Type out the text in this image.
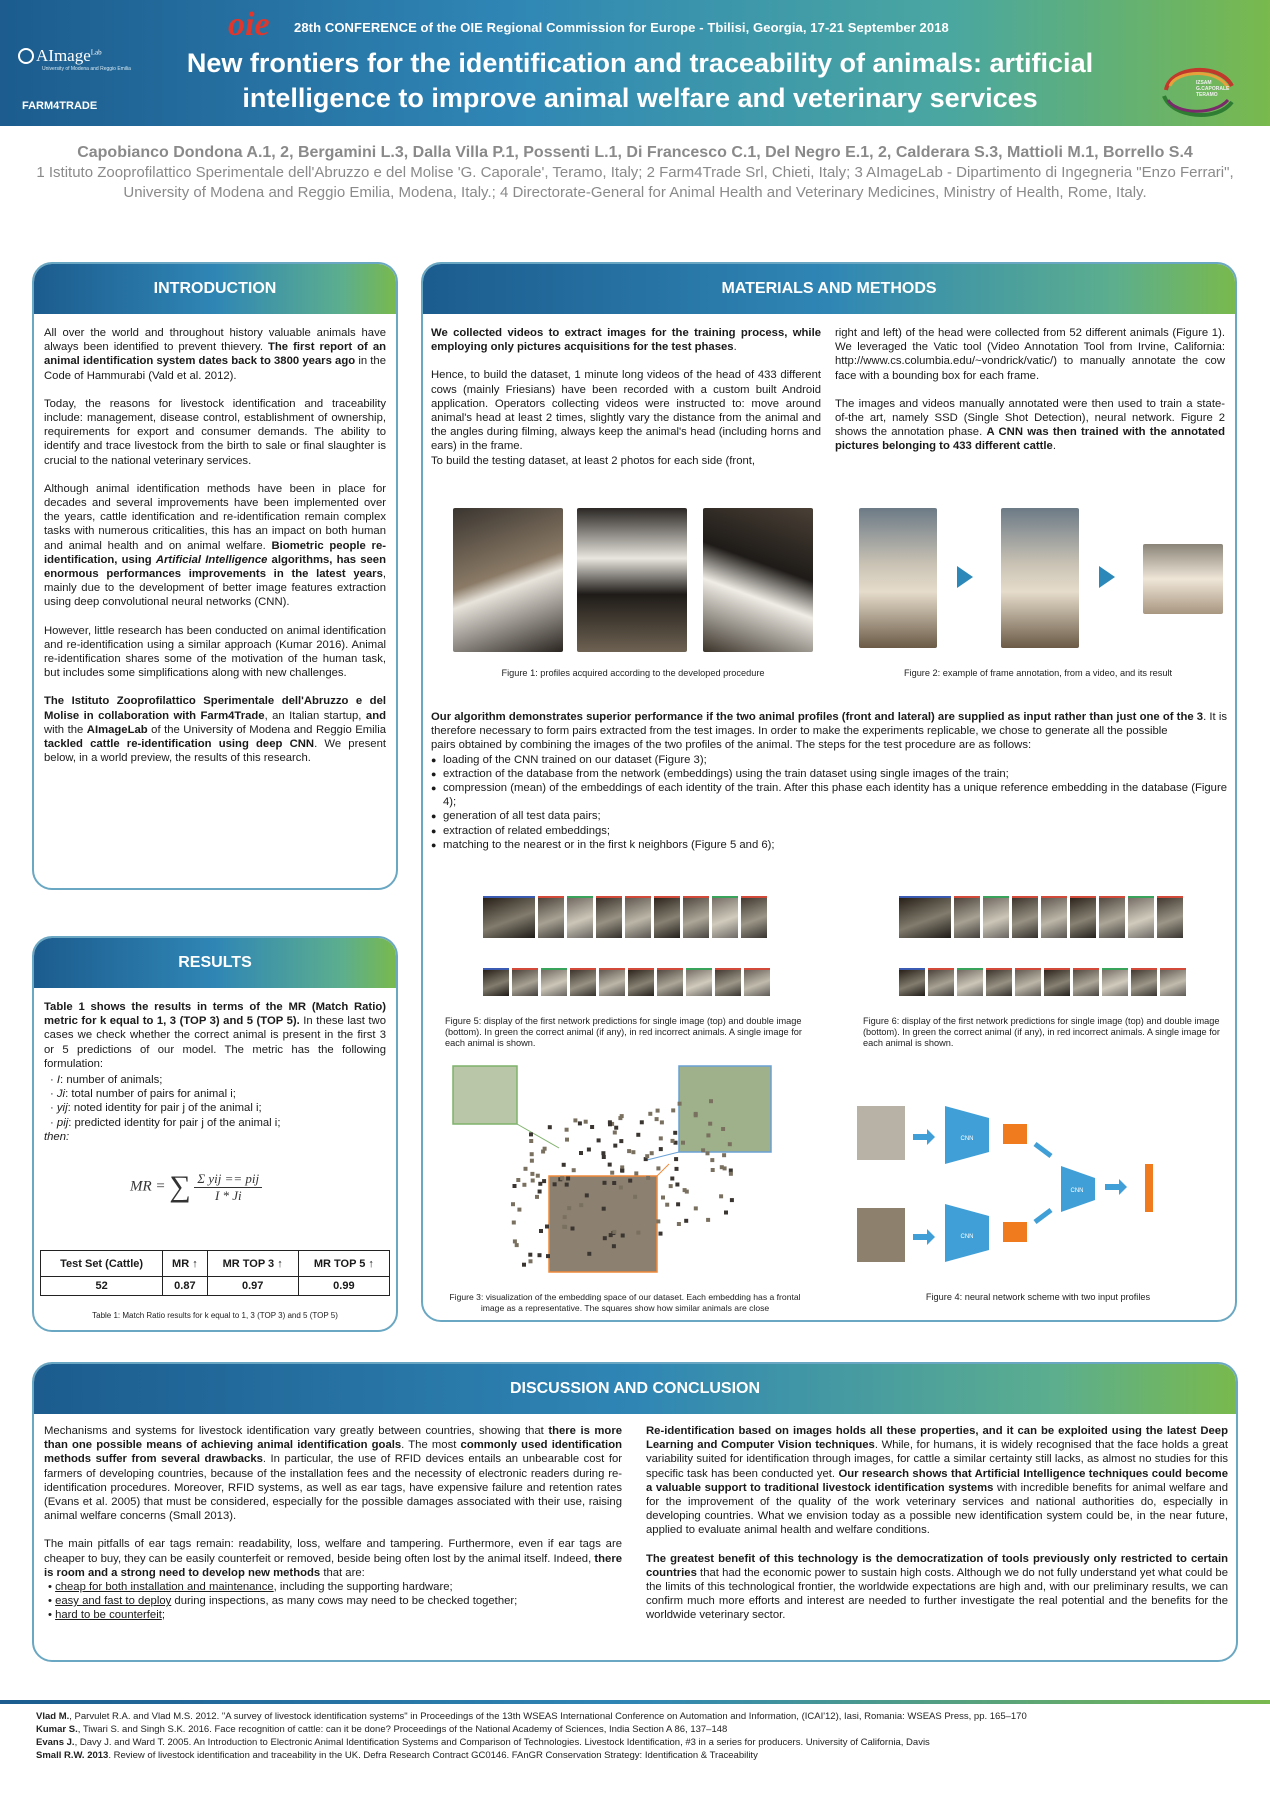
oie 28th CONFERENCE of the OIE Regional Commission for Europe - Tbilisi, Georgia, 17-21 September 2018
AImage$^{Lab}$
University of Modena and Reggio Emilia
FARM4TRADE
New frontiers for the identification and traceability of animals: artificial
intelligence to improve animal welfare and veterinary services	IZSAM G.CAPORALE TERAMO
Capobianco Dondona A.1, 2, Bergamini L.3, Dalla Villa P.1, Possenti L.1, Di Francesco C.1, Del Negro E.1, 2, Calderara S.3, Mattioli M.1, Borrello S.4
1 Istituto Zooprofilattico Sperimentale dell'Abruzzo e del Molise 'G. Caporale', Teramo, Italy; 2 Farm4Trade Srl, Chieti, Italy; 3 AImageLab - Dipartimento di Ingegneria "Enzo Ferrari", University of Modena and Reggio Emilia, Modena, Italy.; 4 Directorate-General for Animal Health and Veterinary Medicines, Ministry of Health, Rome, Italy.
INTRODUCTION

All over the world and throughout history valuable animals have always been identified to prevent thievery. The first report of an animal identification system dates back to 3800 years ago in the Code of Hammurabi (Vald et al. 2012).

Today, the reasons for livestock identification and traceability include: management, disease control, establishment of ownership, requirements for export and consumer demands. The ability to identify and trace livestock from the birth to sale or final slaughter is crucial to the national veterinary services.

Although animal identification methods have been in place for decades and several improvements have been implemented over the years, cattle identification and re-identification remain complex tasks with numerous criticalities, this has an impact on both human and animal health and on animal welfare. Biometric people re-identification, using Artificial Intelligence algorithms, has seen enormous performances improvements in the latest years, mainly due to the development of better image features extraction using deep convolutional neural networks (CNN).

However, little research has been conducted on animal identification and re-identification using a similar approach (Kumar 2016). Animal re-identification shares some of the motivation of the human task, but includes some simplifications along with new challenges.

The Istituto Zooprofilattico Sperimentale dell'Abruzzo e del Molise in collaboration with Farm4Trade, an Italian startup, and with the AImageLab of the University of Modena and Reggio Emilia tackled cattle re-identification using deep CNN. We present below, in a world preview, the results of this research.

RESULTS
Table 1 shows the results in terms of the MR (Match Ratio) metric for k equal to 1, 3 (TOP 3) and 5 (TOP 5). In these last two cases we check whether the correct animal is present in the first 3 or 5 predictions of our model. The metric has the following formulation:
· I: number of animals;
· Ji: total number of pairs for animal i;
· yij: noted identity for pair j of the animal i;
· pij: predicted identity for pair j of the animal i;
then:
MR = ∑ $\frac{\text{Σ yij == pij}}{I * Ji}$
Test Set (Cattle)	MR ↑	MR TOP 3 ↑	MR TOP 5 ↑
52	0.87	0.97	0.99
Table 1: Match Ratio results for k equal to 1, 3 (TOP 3) and 5 (TOP 5)
MATERIALS AND METHODS

We collected videos to extract images for the training process, while employing only pictures acquisitions for the test phases.

Hence, to build the dataset, 1 minute long videos of the head of 433 different cows (mainly Friesians) have been recorded with a custom built Android application. Operators collecting videos were instructed to: move around animal's head at least 2 times, slightly vary the distance from the animal and the angles during filming, always keep the animal's head (including horns and ears) in the frame.
To build the testing dataset, at least 2 photos for each side (front,

right and left) of the head were collected from 52 different animals (Figure 1). We leveraged the Vatic tool (Video Annotation Tool from Irvine, California: http://www.cs.columbia.edu/~vondrick/vatic/) to manually annotate the cow face with a bounding box for each frame.

The images and videos manually annotated were then used to train a state-of-the art, namely SSD (Single Shot Detection), neural network. Figure 2 shows the annotation phase. A CNN was then trained with the annotated pictures belonging to 433 different cattle.

Figure 1: profiles acquired according to the developed procedure	Figure 2: example of frame annotation, from a video, and its result
Our algorithm demonstrates superior performance if the two animal profiles (front and lateral) are supplied as input rather than just one of the 3. It is therefore necessary to form pairs extracted from the test images. In order to make the experiments replicable, we chose to generate all the possible
pairs obtained by combining the images of the two profiles of the animal. The steps for the test procedure are as follows:
● loading of the CNN trained on our dataset (Figure 3);
● extraction of the database from the network (embeddings) using the train dataset using single images of the train;
● compression (mean) of the embeddings of each identity of the train. After this phase each identity has a unique reference embedding in the database (Figure 4);
● generation of all test data pairs;
● extraction of related embeddings;
● matching to the nearest or in the first k neighbors (Figure 5 and 6);
Figure 5: display of the first network predictions for single image (top) and double image (bottom). In green the correct animal (if any), in red incorrect animals. A single image for each animal is shown.
Figure 6: display of the first network predictions for single image (top) and double image (bottom). In green the correct animal (if any), in red incorrect animals. A single image for each animal is shown.
Figure 3: visualization of the embedding space of our dataset. Each embedding has a frontal image as a representative. The squares show how similar animals are close
CNN
CNN
CNN
Figure 4: neural network scheme with two input profiles
DISCUSSION AND CONCLUSION

Mechanisms and systems for livestock identification vary greatly between countries, showing that there is more than one possible means of achieving animal identification goals. The most commonly used identification methods suffer from several drawbacks. In particular, the use of RFID devices entails an unbearable cost for farmers of developing countries, because of the installation fees and the necessity of electronic readers during re-identification procedures. Moreover, RFID systems, as well as ear tags, have expensive failure and retention rates (Evans et al. 2005) that must be considered, especially for the possible damages associated with their use, raising animal welfare concerns (Small 2013).

The main pitfalls of ear tags remain: readability, loss, welfare and tampering. Furthermore, even if ear tags are cheaper to buy, they can be easily counterfeit or removed, beside being often lost by the animal itself. Indeed, there is room and a strong need to develop new methods that are:
• cheap for both installation and maintenance, including the supporting hardware;
• easy and fast to deploy during inspections, as many cows may need to be checked together;
• hard to be counterfeit;

Re-identification based on images holds all these properties, and it can be exploited using the latest Deep Learning and Computer Vision techniques. While, for humans, it is widely recognised that the face holds a great variability suited for identification through images, for cattle a similar certainty still lacks, as almost no studies for this specific task has been conducted yet. Our research shows that Artificial Intelligence techniques could become a valuable support to traditional livestock identification systems with incredible benefits for animal welfare and for the improvement of the quality of the work veterinary services and national authorities do, especially in developing countries. What we envision today as a possible new identification system could be, in the near future, applied to evaluate animal health and welfare conditions.

The greatest benefit of this technology is the democratization of tools previously only restricted to certain countries that had the economic power to sustain high costs. Although we do not fully understand yet what could be the limits of this technological frontier, the worldwide expectations are high and, with our preliminary results, we can confirm much more efforts and interest are needed to further investigate the real potential and the benefits for the worldwide veterinary sector.

Vlad M., Parvulet R.A. and Vlad M.S. 2012. "A survey of livestock identification systems" in Proceedings of the 13th WSEAS International Conference on Automation and Information, (ICAI'12), Iasi, Romania: WSEAS Press, pp. 165–170
Kumar S., Tiwari S. and Singh S.K. 2016. Face recognition of cattle: can it be done? Proceedings of the National Academy of Sciences, India Section A 86, 137–148
Evans J., Davy J. and Ward T. 2005. An Introduction to Electronic Animal Identification Systems and Comparison of Technologies. Livestock Identification, #3 in a series for producers. University of California, Davis
Small R.W. 2013. Review of livestock identification and traceability in the UK. Defra Research Contract GC0146. FAnGR Conservation Strategy: Identification & Traceability
